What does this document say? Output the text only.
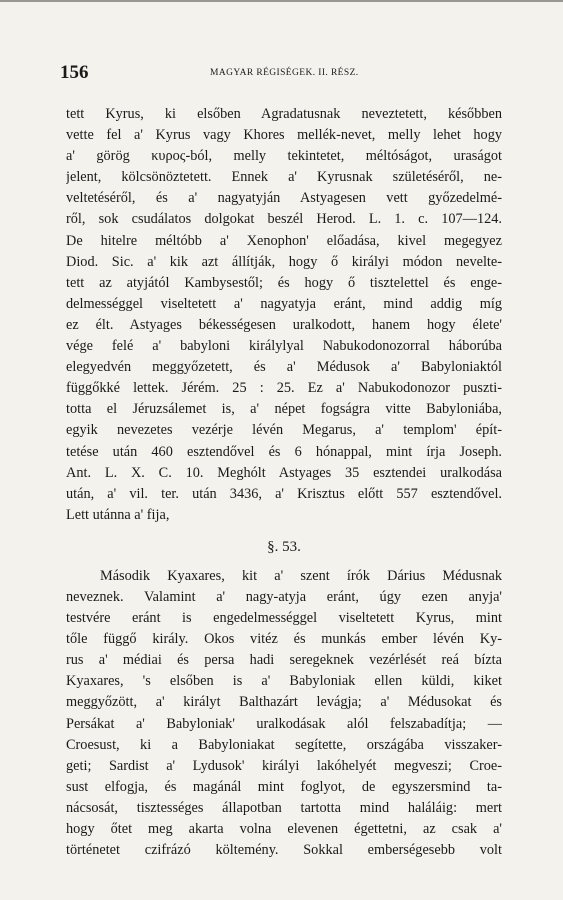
156	MAGYAR RÉGISÉGEK. II. RÉSZ.
tett Kyrus, ki elsőben Agradatusnak neveztetett, későbben
vette fel a' Kyrus vagy Khores mellék-nevet, melly lehet hogy
a' görög κυρος-ból, melly tekintetet, méltóságot, uraságot
jelent, kölcsönöztetett. Ennek a' Kyrusnak születéséről, ne-
veltetéséről, és a' nagyatyján Astyagesen vett győzedelmé-
ről, sok csudálatos dolgokat beszél Herod. L. 1. c. 107—124.
De hitelre méltóbb a' Xenophon' előadása, kivel megegyez
Diod. Sic. a' kik azt állítják, hogy ő királyi módon nevelte-
tett az atyjától Kambysestől; és hogy ő tisztelettel és enge-
delmességgel viseltetett a' nagyatyja eránt, mind addig míg
ez élt. Astyages békességesen uralkodott, hanem hogy élete'
vége felé a' babyloni királylyal Nabukodonozorral háborúba
elegyedvén meggyőzetett, és a' Médusok a' Babyloniaktól
függőkké lettek. Jérém. 25 : 25. Ez a' Nabukodonozor puszti-
totta el Jéruzsálemet is, a' népet fogságra vitte Babyloniába,
egyik nevezetes vezérje lévén Megarus, a' templom' épít-
tetése után 460 esztendővel és 6 hónappal, mint írja Joseph.
Ant. L. X. C. 10. Meghólt Astyages 35 esztendei uralkodása
után, a' vil. ter. után 3436, a' Krisztus előtt 557 esztendővel.
Lett utánna a' fija,
§. 53.
Második Kyaxares, kit a' szent írók Dárius Médusnak
neveznek. Valamint a' nagy-atyja eránt, úgy ezen anyja'
testvére eránt is engedelmességgel viseltetett Kyrus, mint
tőle függő király. Okos vitéz és munkás ember lévén Ky-
rus a' médiai és persa hadi seregeknek vezérlését reá bízta
Kyaxares, 's elsőben is a' Babyloniak ellen küldi, kiket
meggyőzött, a' királyt Balthazárt levágja; a' Médusokat és
Persákat a' Babyloniak' uralkodásak alól felszabadítja; —
Croesust, ki a Babyloniakat segítette, országába visszaker-
geti; Sardist a' Lydusok' királyi lakóhelyét megveszi; Croe-
sust elfogja, és magánál mint foglyot, de egyszersmind ta-
nácsosát, tisztességes állapotban tartotta mind haláláig: mert
hogy őtet meg akarta volna elevenen égettetni, az csak a'
történetet czifrázó költemény. Sokkal emberségesebb volt
